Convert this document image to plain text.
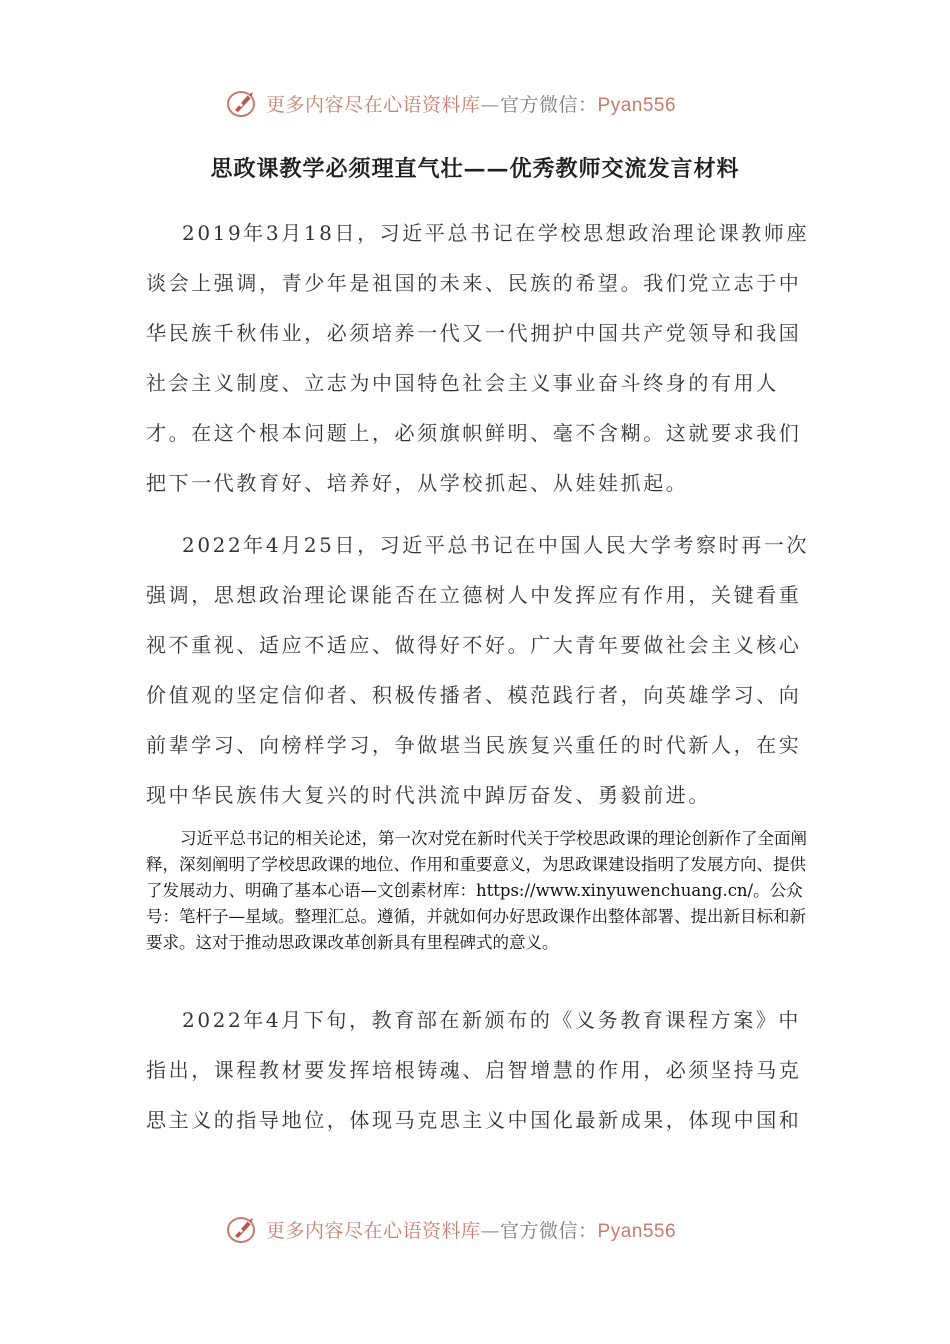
更多内容尽在心语资料库—官方微信：Pyan556
思政课教学必须理直气壮——优秀教师交流发言材料

2019年3月18日，习近平总书记在学校思想政治理论课教师座谈会上强调，青少年是祖国的未来、民族的希望。我们党立志于中华民族千秋伟业，必须培养一代又一代拥护中国共产党领导和我国社会主义制度、立志为中国特色社会主义事业奋斗终身的有用人才。在这个根本问题上，必须旗帜鲜明、毫不含糊。这就要求我们把下一代教育好、培养好，从学校抓起、从娃娃抓起。

2022年4月25日，习近平总书记在中国人民大学考察时再一次强调，思想政治理论课能否在立德树人中发挥应有作用，关键看重视不重视、适应不适应、做得好不好。广大青年要做社会主义核心价值观的坚定信仰者、积极传播者、模范践行者，向英雄学习、向前辈学习、向榜样学习，争做堪当民族复兴重任的时代新人，在实现中华民族伟大复兴的时代洪流中踔厉奋发、勇毅前进。

习近平总书记的相关论述，第一次对党在新时代关于学校思政课的理论创新作了全面阐释，深刻阐明了学校思政课的地位、作用和重要意义，为思政课建设指明了发展方向、提供了发展动力、明确了基本心语—文创素材库：https://www.xinyuwenchuang.cn/。公众号：笔杆子—星域。整理汇总。遵循，并就如何办好思政课作出整体部署、提出新目标和新要求。这对于推动思政课改革创新具有里程碑式的意义。

2022年4月下旬，教育部在新颁布的《义务教育课程方案》中指出，课程教材要发挥培根铸魂、启智增慧的作用，必须坚持马克思主义的指导地位，体现马克思主义中国化最新成果，体现中国和

更多内容尽在心语资料库—官方微信：Pyan556
